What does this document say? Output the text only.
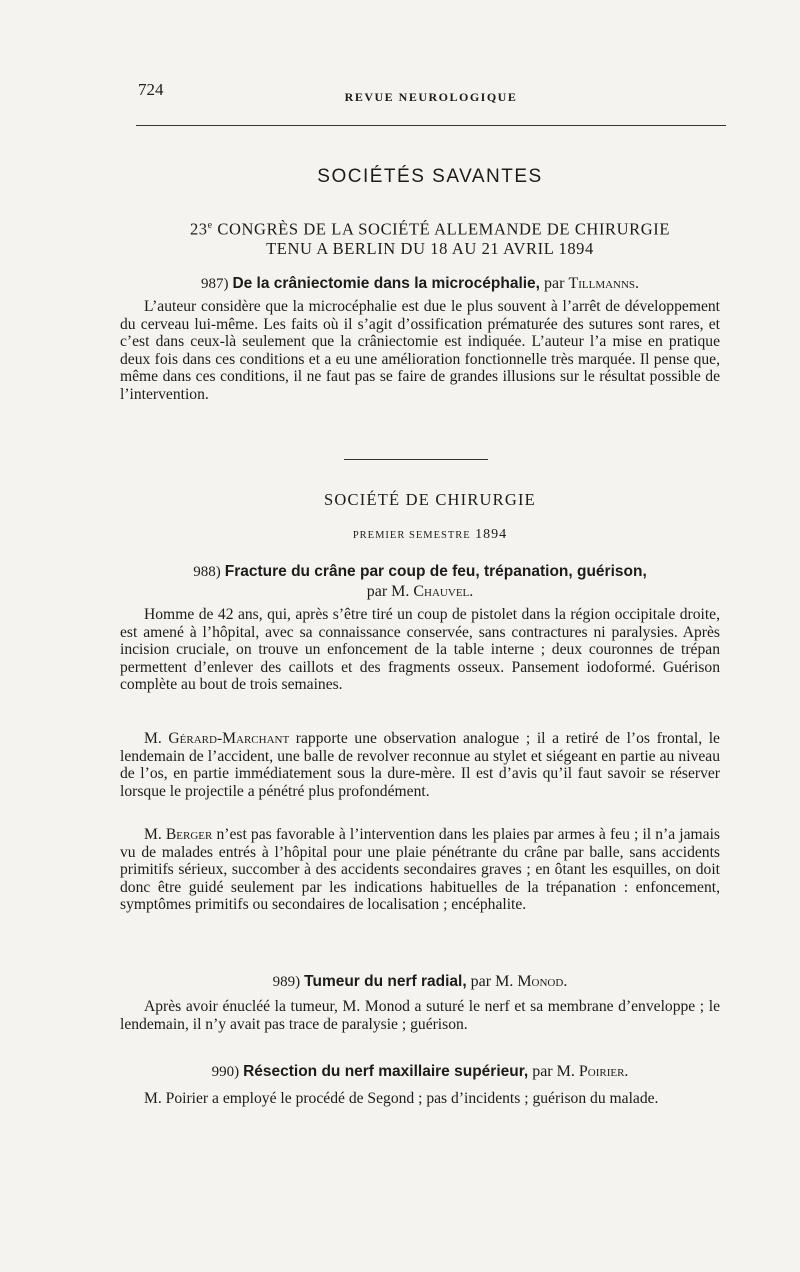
724	REVUE NEUROLOGIQUE
SOCIÉTÉS SAVANTES
23e CONGRÈS DE LA SOCIÉTÉ ALLEMANDE DE CHIRURGIE
TENU A BERLIN DU 18 AU 21 AVRIL 1894
987) De la crâniectomie dans la microcéphalie, par Tillmanns.

L’auteur considère que la microcéphalie est due le plus souvent à l’arrêt de développement du cerveau lui-même. Les faits où il s’agit d’ossification prématurée des sutures sont rares, et c’est dans ceux-là seulement que la crâniectomie est indiquée. L’auteur l’a mise en pratique deux fois dans ces conditions et a eu une amélioration fonctionnelle très marquée. Il pense que, même dans ces conditions, il ne faut pas se faire de grandes illusions sur le résultat possible de l’intervention.

SOCIÉTÉ DE CHIRURGIE
PREMIER SEMESTRE 1894
988) Fracture du crâne par coup de feu, trépanation, guérison,
par M. Chauvel.

Homme de 42 ans, qui, après s’être tiré un coup de pistolet dans la région occipitale droite, est amené à l’hôpital, avec sa connaissance conservée, sans contractures ni paralysies. Après incision cruciale, on trouve un enfoncement de la table interne ; deux couronnes de trépan permettent d’enlever des caillots et des fragments osseux. Pansement iodoformé. Guérison complète au bout de trois semaines.

M. Gérard-Marchant rapporte une observation analogue ; il a retiré de l’os frontal, le lendemain de l’accident, une balle de revolver reconnue au stylet et siégeant en partie au niveau de l’os, en partie immédiatement sous la dure-mère. Il est d’avis qu’il faut savoir se réserver lorsque le projectile a pénétré plus profondément.

M. Berger n’est pas favorable à l’intervention dans les plaies par armes à feu ; il n’a jamais vu de malades entrés à l’hôpital pour une plaie pénétrante du crâne par balle, sans accidents primitifs sérieux, succomber à des accidents secondaires graves ; en ôtant les esquilles, on doit donc être guidé seulement par les indications habituelles de la trépanation : enfoncement, symptômes primitifs ou secondaires de localisation ; encéphalite.

989) Tumeur du nerf radial, par M. Monod.

Après avoir énucléé la tumeur, M. Monod a suturé le nerf et sa membrane d’enveloppe ; le lendemain, il n’y avait pas trace de paralysie ; guérison.

990) Résection du nerf maxillaire supérieur, par M. Poirier.

M. Poirier a employé le procédé de Segond ; pas d’incidents ; guérison du malade.
